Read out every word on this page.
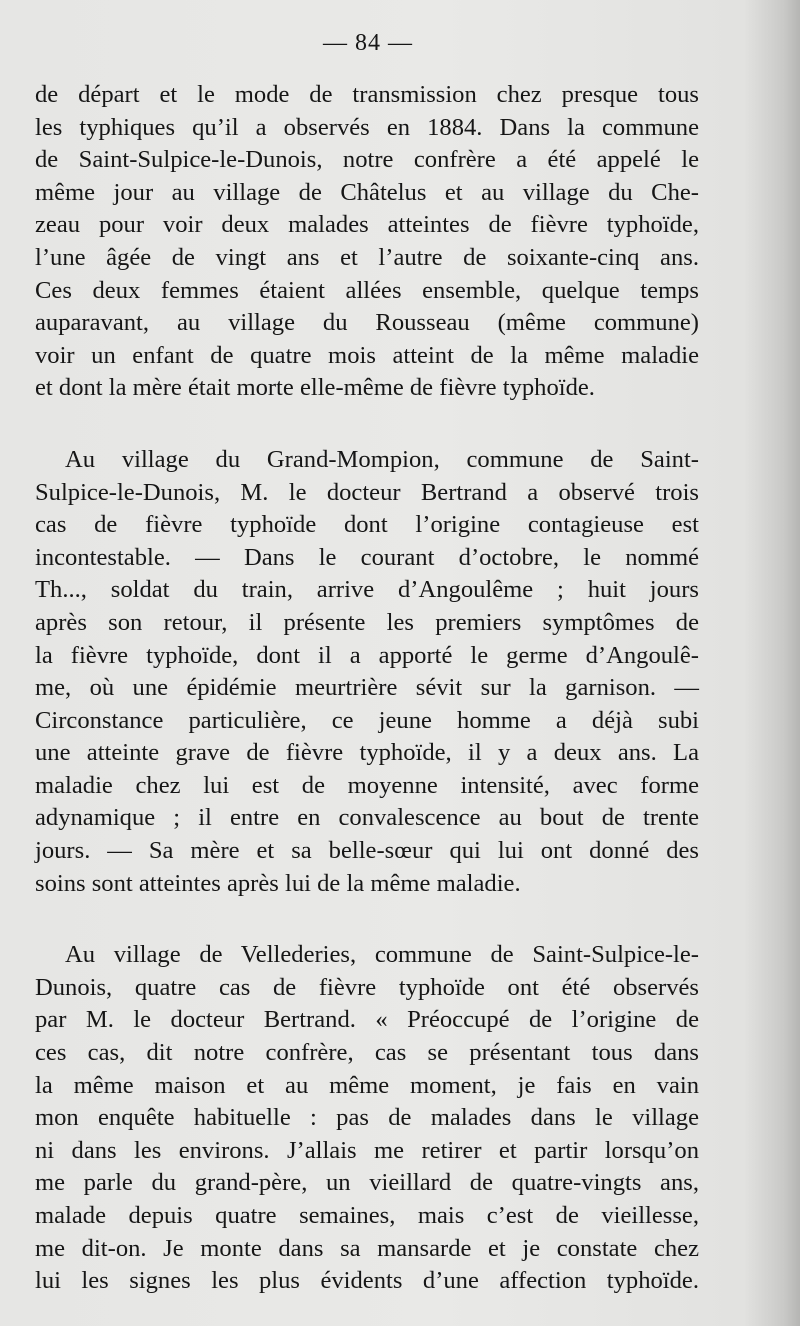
— 84 —
de départ et le mode de transmission chez presque tous
les typhiques qu’il a observés en 1884. Dans la commune
de Saint-Sulpice-le-Dunois, notre confrère a été appelé le
même jour au village de Châtelus et au village du Che-
zeau pour voir deux malades atteintes de fièvre typhoïde,
l’une âgée de vingt ans et l’autre de soixante-cinq ans.
Ces deux femmes étaient allées ensemble, quelque temps
auparavant, au village du Rousseau (même commune)
voir un enfant de quatre mois atteint de la même maladie
et dont la mère était morte elle-même de fièvre typhoïde.
Au village du Grand-Mompion, commune de Saint-
Sulpice-le-Dunois, M. le docteur Bertrand a observé trois
cas de fièvre typhoïde dont l’origine contagieuse est
incontestable. — Dans le courant d’octobre, le nommé
Th..., soldat du train, arrive d’Angoulême ; huit jours
après son retour, il présente les premiers symptômes de
la fièvre typhoïde, dont il a apporté le germe d’Angoulê-
me, où une épidémie meurtrière sévit sur la garnison. —
Circonstance particulière, ce jeune homme a déjà subi
une atteinte grave de fièvre typhoïde, il y a deux ans. La
maladie chez lui est de moyenne intensité, avec forme
adynamique ; il entre en convalescence au bout de trente
jours. — Sa mère et sa belle-sœur qui lui ont donné des
soins sont atteintes après lui de la même maladie.
Au village de Vellederies, commune de Saint-Sulpice-le-
Dunois, quatre cas de fièvre typhoïde ont été observés
par M. le docteur Bertrand. « Préoccupé de l’origine de
ces cas, dit notre confrère, cas se présentant tous dans
la même maison et au même moment, je fais en vain
mon enquête habituelle : pas de malades dans le village
ni dans les environs. J’allais me retirer et partir lorsqu’on
me parle du grand-père, un vieillard de quatre-vingts ans,
malade depuis quatre semaines, mais c’est de vieillesse,
me dit-on. Je monte dans sa mansarde et je constate chez
lui les signes les plus évidents d’une affection typhoïde.
